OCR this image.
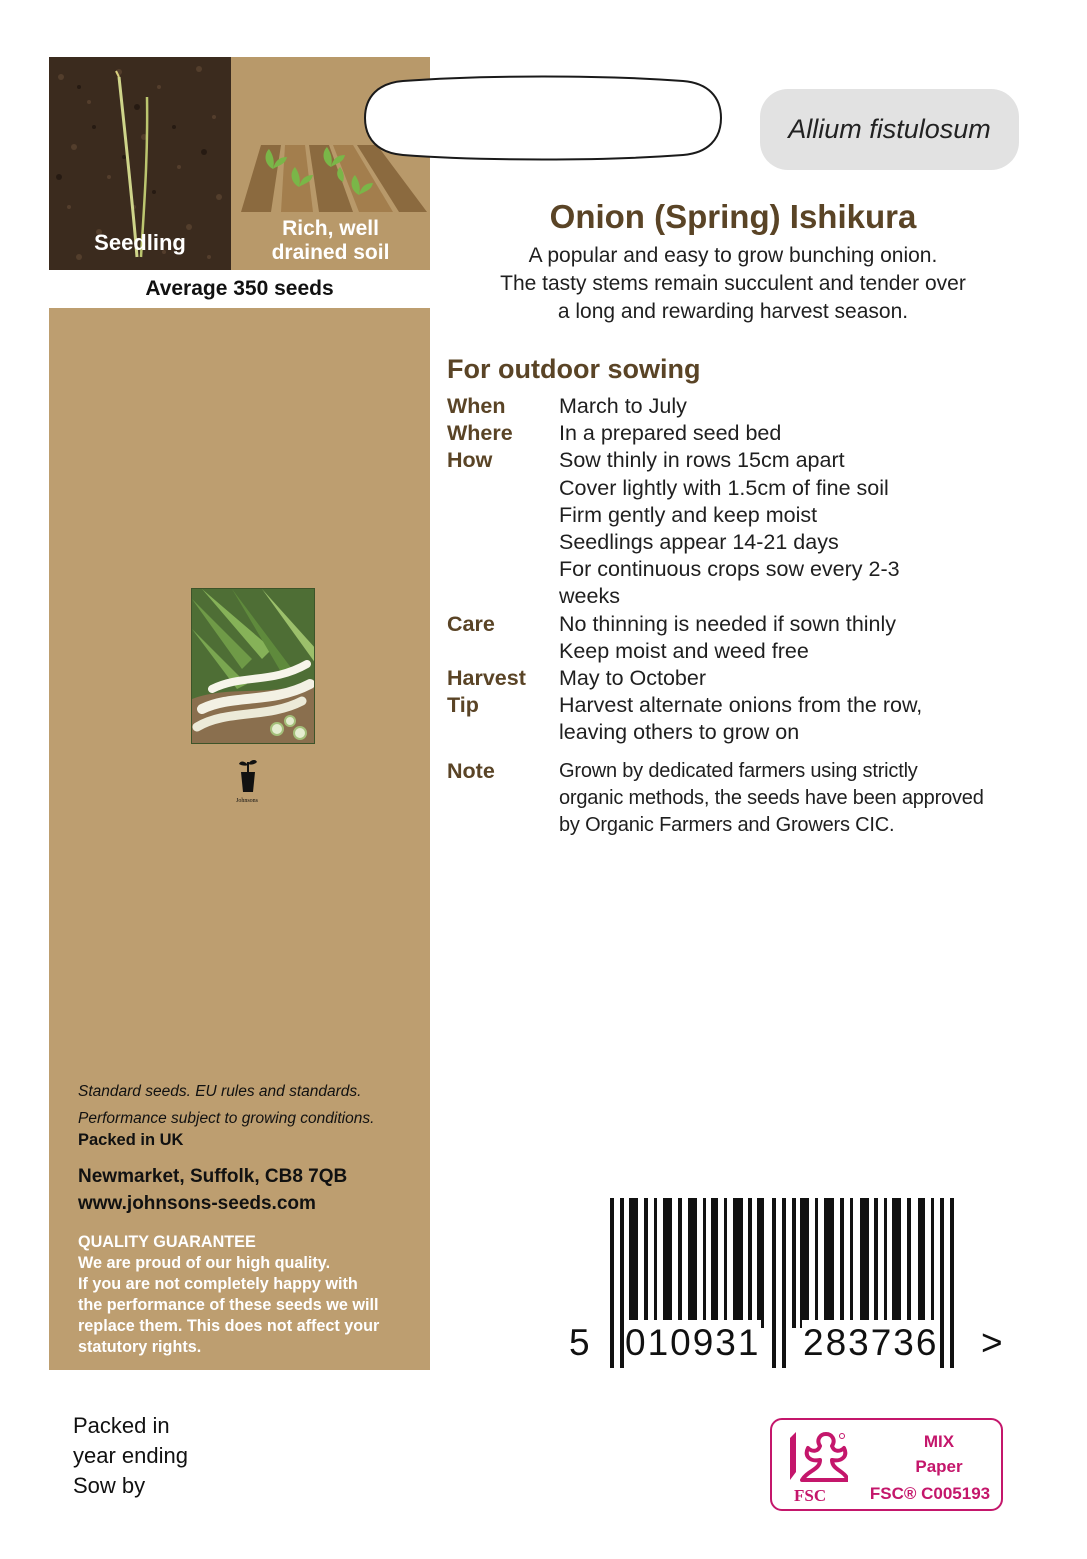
Seedling
Rich, well
drained soil
Average 350 seeds
Johnsons
Standard seeds. EU rules and standards.
Performance subject to growing conditions.
Packed in UK
Newmarket, Suffolk, CB8 7QB
www.johnsons-seeds.com
QUALITY GUARANTEE
We are proud of our high quality.
If you are not completely happy with
the performance of these seeds we will
replace them. This does not affect your
statutory rights.
Allium fistulosum
Onion (Spring) Ishikura
A popular and easy to grow bunching onion.
The tasty stems remain succulent and tender over
a long and rewarding harvest season.
For outdoor sowing
When	March to July
Where	In a prepared seed bed
How	Sow thinly in rows 15cm apart
Cover lightly with 1.5cm of fine soil
Firm gently and keep moist
Seedlings appear 14-21 days
For continuous crops sow every 2-3
weeks
Care	No thinning is needed if sown thinly
Keep moist and weed free
Harvest	May to October
Tip	Harvest alternate onions from the row,
leaving others to grow on
Note	Grown by dedicated farmers using strictly
organic methods, the seeds have been approved
by Organic Farmers and Growers CIC.
5 010931 283736 >
Packed in
year ending
Sow by	FSC
MIX
Paper
FSC® C005193
